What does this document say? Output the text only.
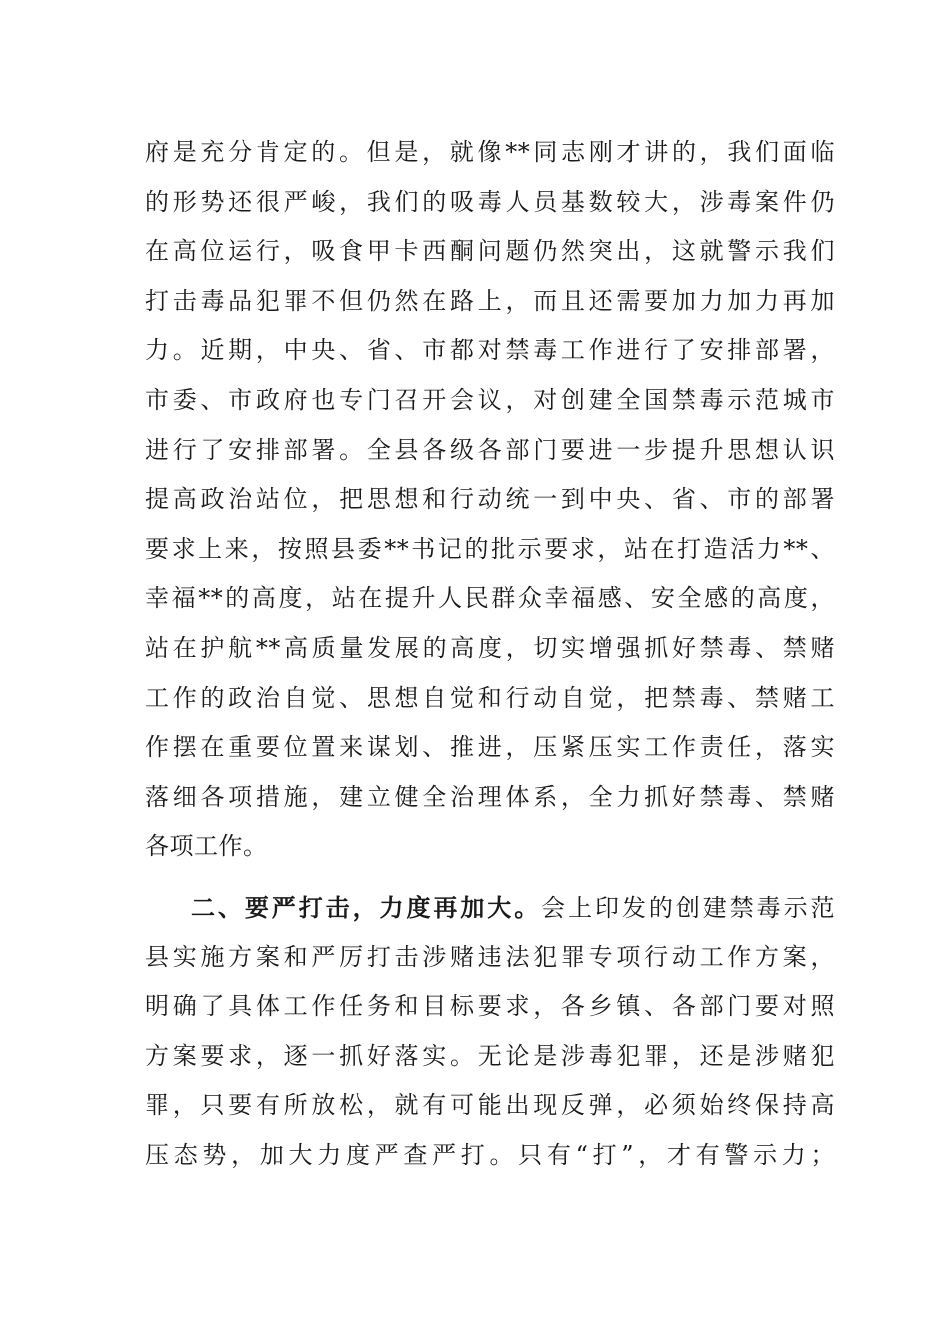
府是充分肯定的。但是，就像**同志刚才讲的，我们面临
的形势还很严峻，我们的吸毒人员基数较大，涉毒案件仍
在高位运行，吸食甲卡西酮问题仍然突出，这就警示我们
打击毒品犯罪不但仍然在路上，而且还需要加力加力再加
力。近期，中央、省、市都对禁毒工作进行了安排部署，
市委、市政府也专门召开会议，对创建全国禁毒示范城市
进行了安排部署。全县各级各部门要进一步提升思想认识
提高政治站位，把思想和行动统一到中央、省、市的部署
要求上来，按照县委**书记的批示要求，站在打造活力**、
幸福**的高度，站在提升人民群众幸福感、安全感的高度，
站在护航**高质量发展的高度，切实增强抓好禁毒、禁赌
工作的政治自觉、思想自觉和行动自觉，把禁毒、禁赌工
作摆在重要位置来谋划、推进，压紧压实工作责任，落实
落细各项措施，建立健全治理体系，全力抓好禁毒、禁赌
各项工作。
二、要严打击，力度再加大。会上印发的创建禁毒示范
县实施方案和严厉打击涉赌违法犯罪专项行动工作方案，
明确了具体工作任务和目标要求，各乡镇、各部门要对照
方案要求，逐一抓好落实。无论是涉毒犯罪，还是涉赌犯
罪，只要有所放松，就有可能出现反弹，必须始终保持高
压态势，加大力度严查严打。只有“打”，才有警示力；
